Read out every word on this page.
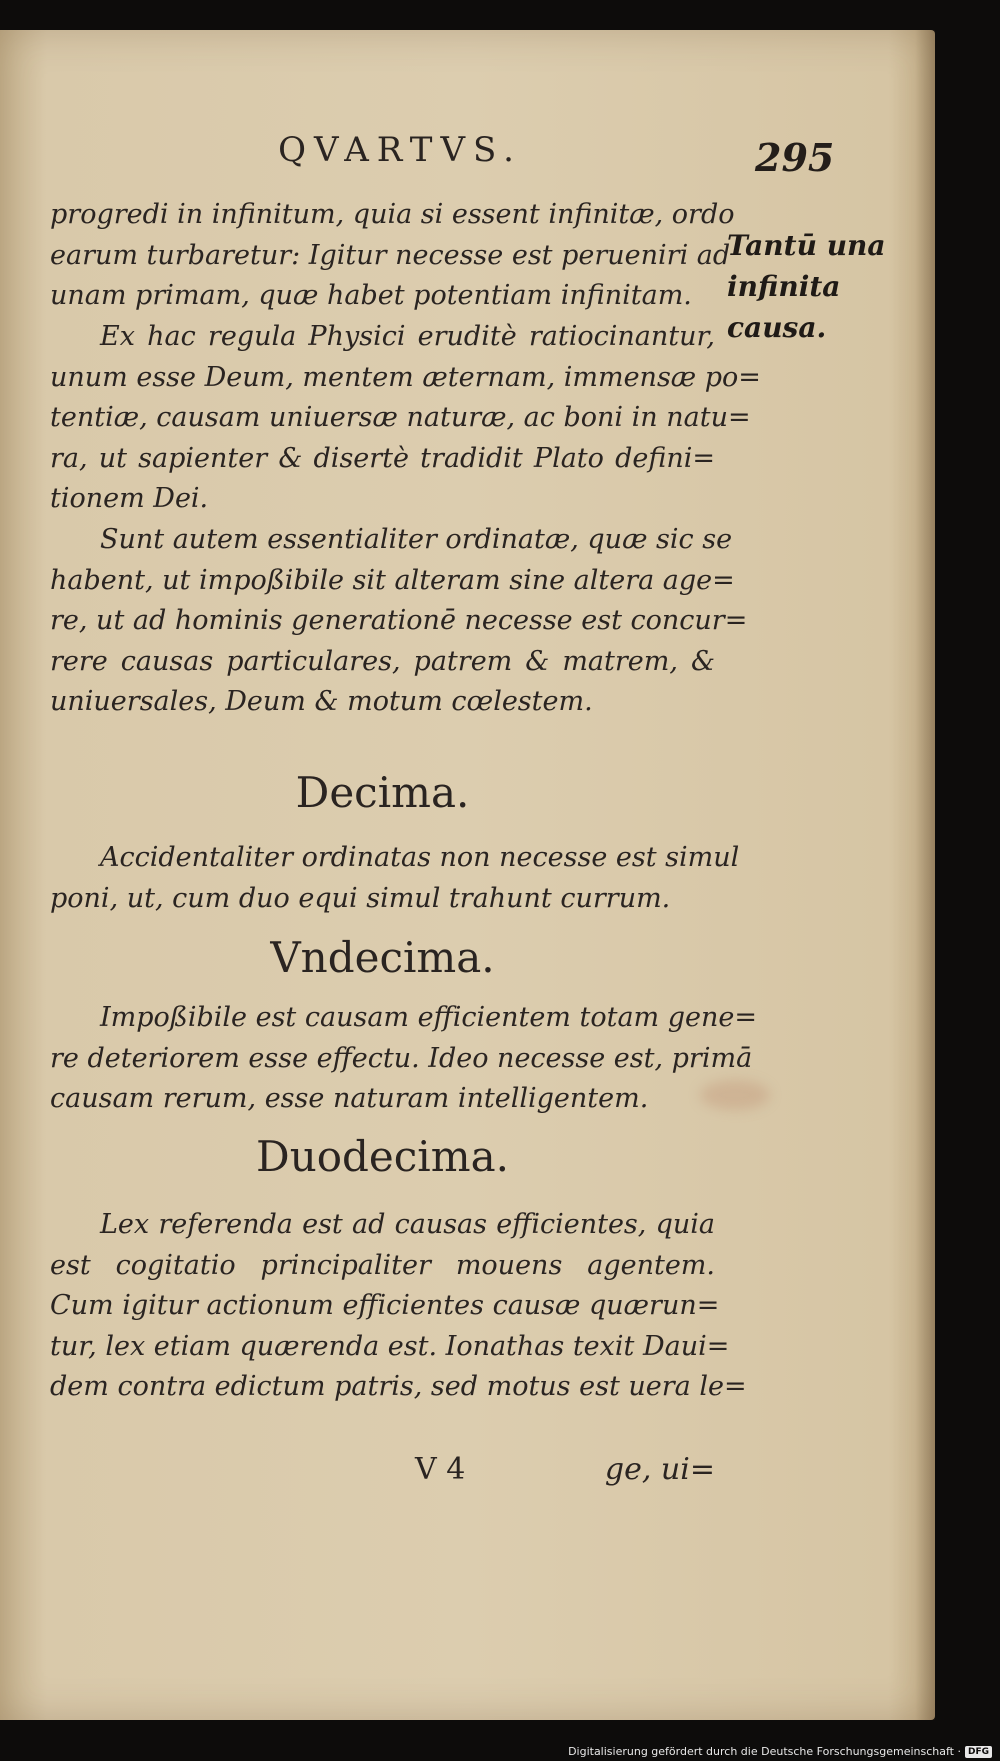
QVARTVS.	295
Tantū una
infinita
causa.
progredi in infinitum, quia si essent infinitæ, ordo
earum turbaretur: Igitur necesse est perueniri ad
unam primam, quæ habet potentiam infinitam.
Ex hac regula Physici eruditè ratiocinantur,
unum esse Deum, mentem æternam, immensæ po=
tentiæ, causam uniuersæ naturæ, ac boni in natu=
ra, ut sapienter & disertè tradidit Plato defini=
tionem Dei.
Sunt autem essentialiter ordinatæ, quæ sic se
habent, ut impoßibile sit alteram sine altera age=
re, ut ad hominis generationē necesse est concur=
rere causas particulares, patrem & matrem, &
uniuersales, Deum & motum cœlestem.
Decima.
Accidentaliter ordinatas non necesse est simul
poni, ut, cum duo equi simul trahunt currum.
Vndecima.
Impoßibile est causam efficientem totam gene=
re deteriorem esse effectu. Ideo necesse est, primā
causam rerum, esse naturam intelligentem.
Duodecima.
Lex referenda est ad causas efficientes, quia
est cogitatio principaliter mouens agentem.
Cum igitur actionum efficientes causæ quærun=
tur, lex etiam quærenda est. Ionathas texit Daui=
dem contra edictum patris, sed motus est uera le=
V 4	ge, ui=
Digitalisierung gefördert durch die Deutsche Forschungsgemeinschaft · DFG
